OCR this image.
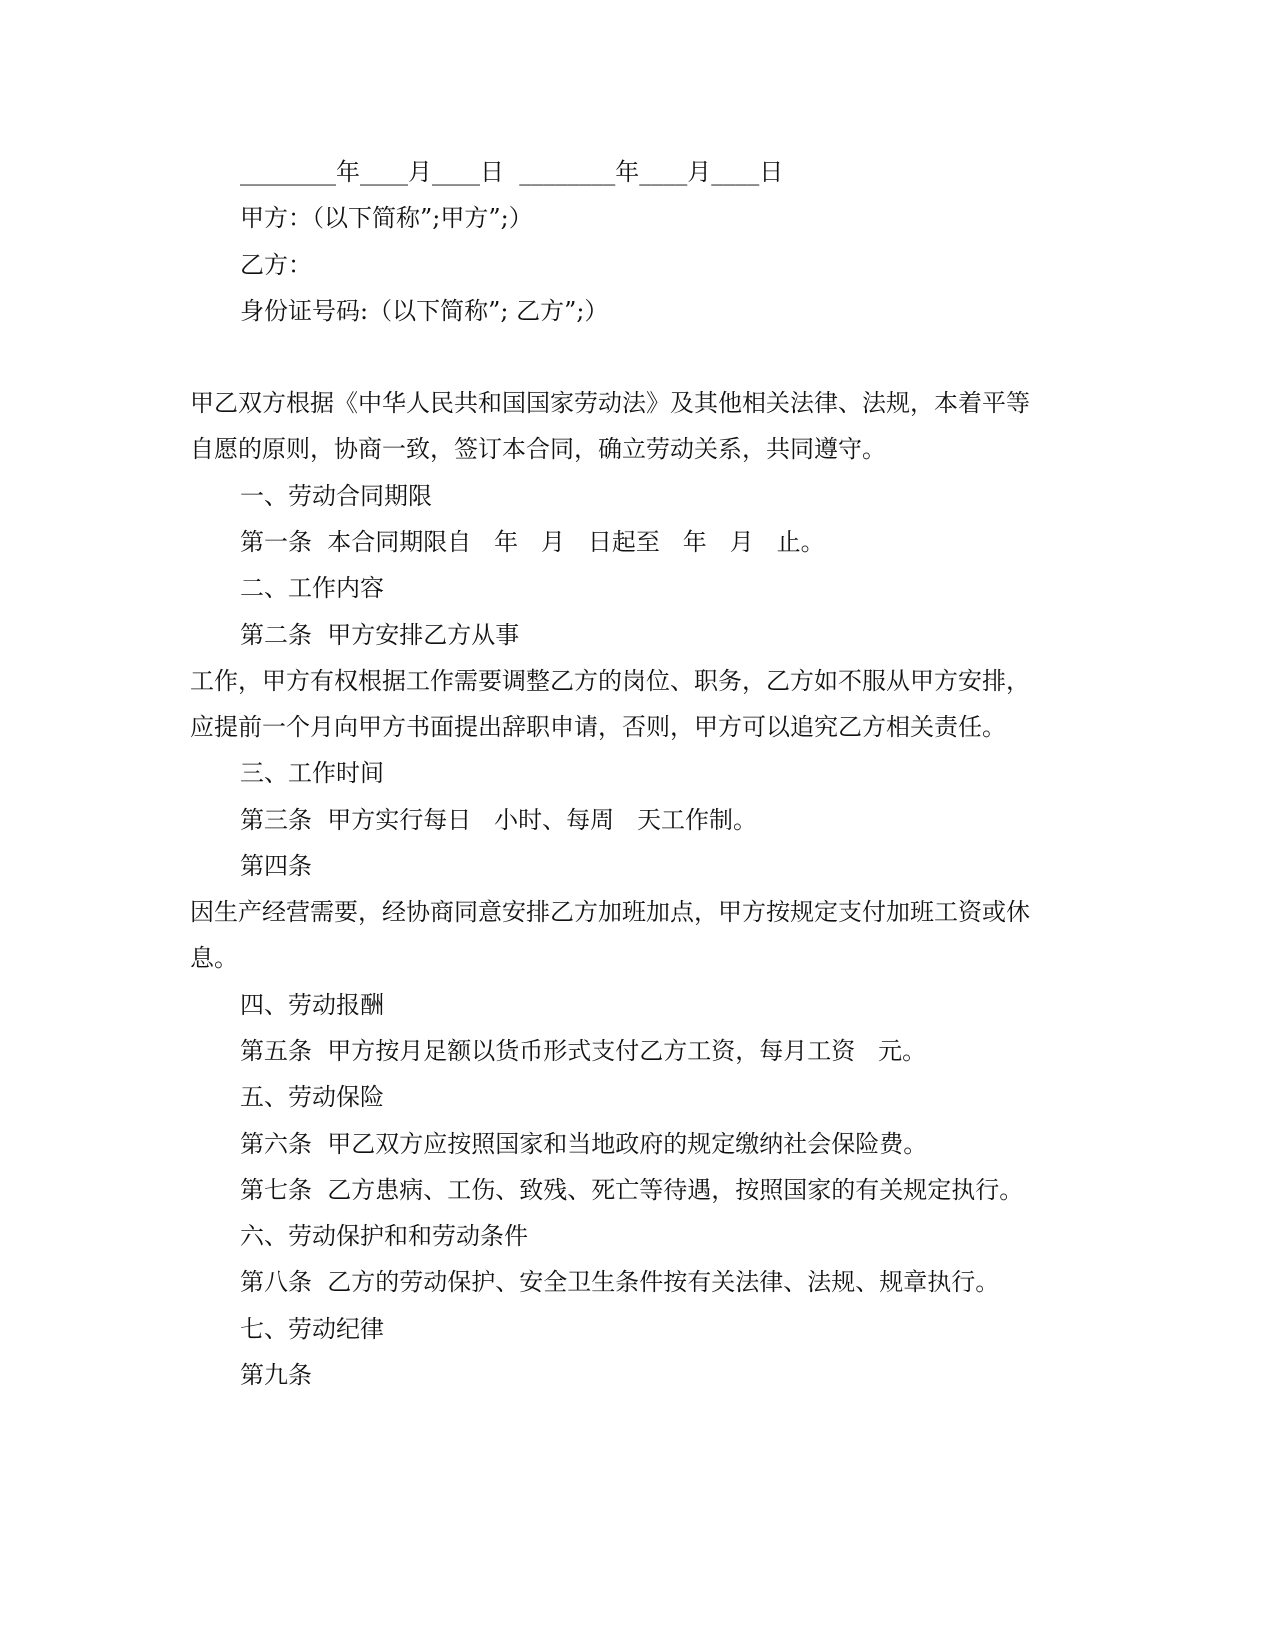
________年____月____日  ________年____月____日
甲方：（以下简称”;甲方”;）
乙方：
身份证号码:（以下简称”; 乙方”;）
甲乙双方根据《中华人民共和国国家劳动法》及其他相关法律、法规，本着平等
自愿的原则，协商一致，签订本合同，确立劳动关系，共同遵守。
一、劳动合同期限
第一条  本合同期限自   年   月   日起至   年   月   止。
二、工作内容
第二条  甲方安排乙方从事
工作，甲方有权根据工作需要调整乙方的岗位、职务，乙方如不服从甲方安排，
应提前一个月向甲方书面提出辞职申请，否则，甲方可以追究乙方相关责任。
三、工作时间
第三条  甲方实行每日   小时、每周   天工作制。
第四条
因生产经营需要，经协商同意安排乙方加班加点，甲方按规定支付加班工资或休
息。
四、劳动报酬
第五条  甲方按月足额以货币形式支付乙方工资，每月工资   元。
五、劳动保险
第六条  甲乙双方应按照国家和当地政府的规定缴纳社会保险费。
第七条  乙方患病、工伤、致残、死亡等待遇，按照国家的有关规定执行。
六、劳动保护和和劳动条件
第八条  乙方的劳动保护、安全卫生条件按有关法律、法规、规章执行。
七、劳动纪律
第九条
